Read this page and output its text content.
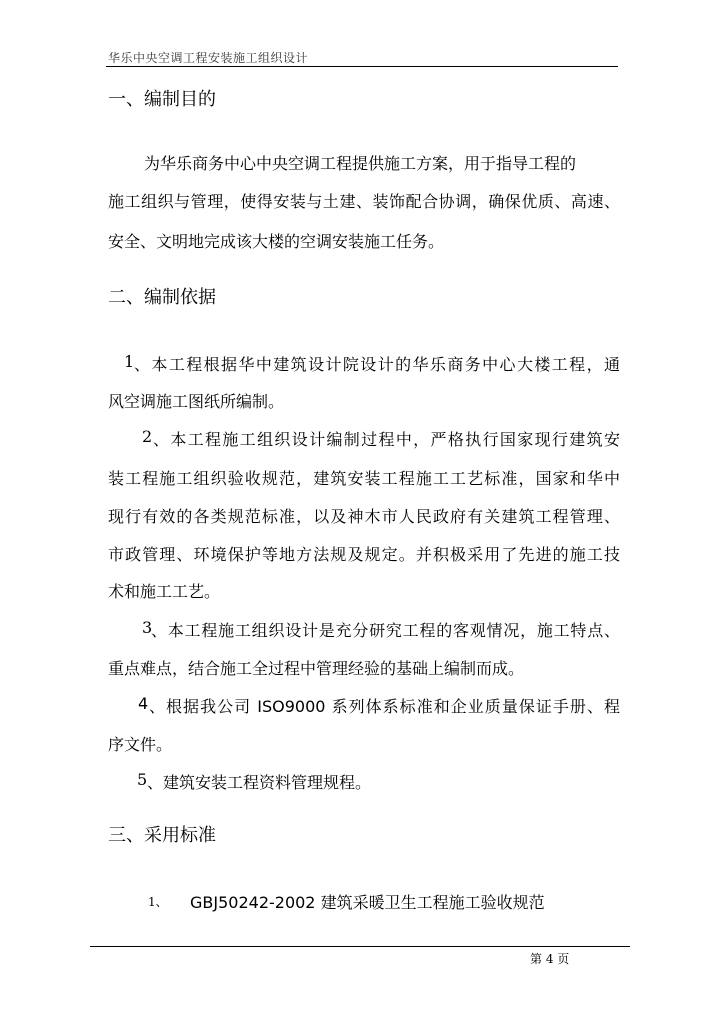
华乐中央空调工程安装施工组织设计
一、编制目的
为华乐商务中心中央空调工程提供施工方案，用于指导工程的
施工组织与管理，使得安装与土建、装饰配合协调，确保优质、高速、
安全、文明地完成该大楼的空调安装施工任务。
二、编制依据
1 、本工程根据华中建筑设计院设计的华乐商务中心大楼工程，通
风空调施工图纸所编制。
2 、本工程施工组织设计编制过程中，严格执行国家现行建筑安
装工程施工组织验收规范，建筑安装工程施工工艺标准，国家和华中
现行有效的各类规范标准，以及神木市人民政府有关建筑工程管理、
市政管理、环境保护等地方法规及规定。并积极采用了先进的施工技
术和施工工艺。
3
、本工程施工组织设计是充分研究工程的客观情况，施工特点、
重点难点，结合施工全过程中管理经验的基础上编制而成。
4 、根据我公司 ISO9000 系列体系标准和企业质量保证手册、程
序文件。
5 、建筑安装工程资料管理规程。
三、采用标准
1、 GBJ50242-2002 建筑采暖卫生工程施工验收规范
第 4 页
